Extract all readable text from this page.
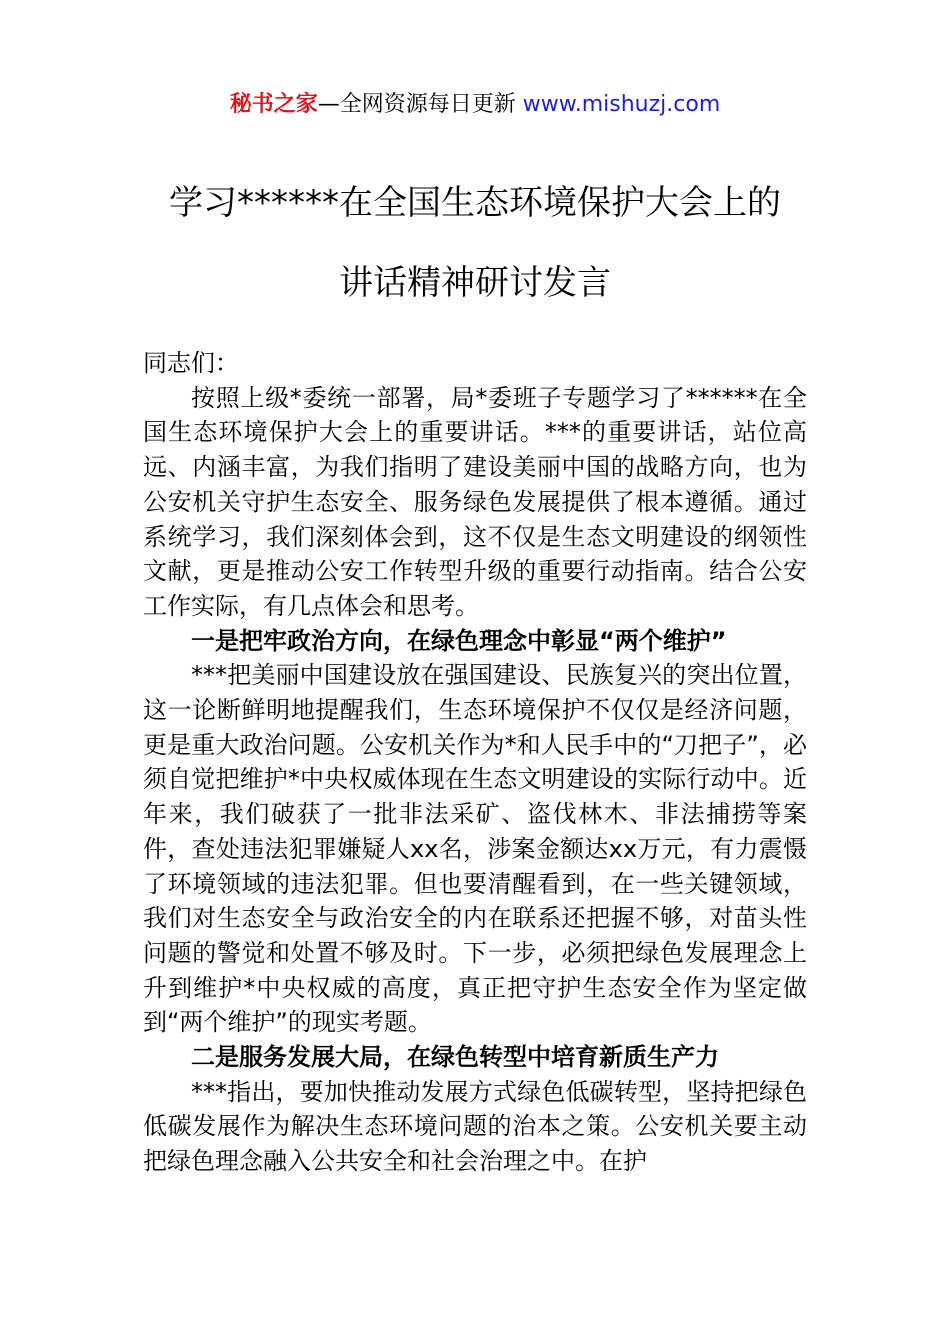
秘书之家—全网资源每日更新 www.mishuzj.com
学习******在全国生态环境保护大会上的
讲话精神研讨发言

同志们：

按照上级*委统一部署，局*委班子专题学习了******在全国生态环境保护大会上的重要讲话。***的重要讲话，站位高远、内涵丰富，为我们指明了建设美丽中国的战略方向，也为公安机关守护生态安全、服务绿色发展提供了根本遵循。通过系统学习，我们深刻体会到，这不仅是生态文明建设的纲领性文献，更是推动公安工作转型升级的重要行动指南。结合公安工作实际，有几点体会和思考。

一是把牢政治方向，在绿色理念中彰显“两个维护”

***把美丽中国建设放在强国建设、民族复兴的突出位置，这一论断鲜明地提醒我们，生态环境保护不仅仅是经济问题，更是重大政治问题。公安机关作为*和人民手中的“刀把子”，必须自觉把维护*中央权威体现在生态文明建设的实际行动中。近年来，我们破获了一批非法采矿、盗伐林木、非法捕捞等案件，查处违法犯罪嫌疑人xx名，涉案金额达xx万元，有力震慑了环境领域的违法犯罪。但也要清醒看到，在一些关键领域，我们对生态安全与政治安全的内在联系还把握不够，对苗头性问题的警觉和处置不够及时。下一步，必须把绿色发展理念上升到维护*中央权威的高度，真正把守护生态安全作为坚定做到“两个维护”的现实考题。

二是服务发展大局，在绿色转型中培育新质生产力

***指出，要加快推动发展方式绿色低碳转型，坚持把绿色低碳发展作为解决生态环境问题的治本之策。公安机关要主动把绿色理念融入公共安全和社会治理之中。在护
